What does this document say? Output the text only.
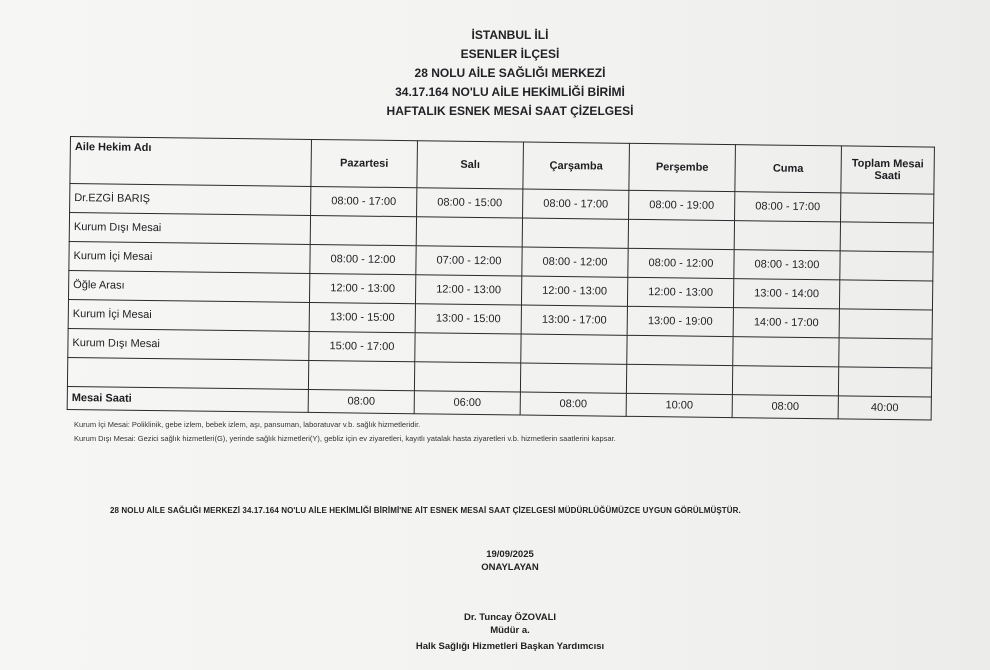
İSTANBUL İLİ
ESENLER İLÇESİ
28 NOLU AİLE SAĞLIĞI MERKEZİ
34.17.164 NO'LU AİLE HEKİMLİĞİ BİRİMİ
HAFTALIK ESNEK MESAİ SAAT ÇİZELGESİ
Aile Hekim Adı	Pazartesi	Salı	Çarşamba	Perşembe	Cuma	Toplam Mesai Saati
Dr.EZGİ BARIŞ	08:00 - 17:00	08:00 - 15:00	08:00 - 17:00	08:00 - 19:00	08:00 - 17:00	
Kurum Dışı Mesai						
Kurum İçi Mesai	08:00 - 12:00	07:00 - 12:00	08:00 - 12:00	08:00 - 12:00	08:00 - 13:00	
Öğle Arası	12:00 - 13:00	12:00 - 13:00	12:00 - 13:00	12:00 - 13:00	13:00 - 14:00	
Kurum İçi Mesai	13:00 - 15:00	13:00 - 15:00	13:00 - 17:00	13:00 - 19:00	14:00 - 17:00	
Kurum Dışı Mesai	15:00 - 17:00					

Mesai Saati	08:00	06:00	08:00	10:00	08:00	40:00
Kurum İçi Mesai: Poliklinik, gebe izlem, bebek izlem, aşı, pansuman, laboratuvar v.b. sağlık hizmetleridir.
Kurum Dışı Mesai: Gezici sağlık hizmetleri(G), yerinde sağlık hizmetleri(Y), gebliz için ev ziyaretleri, kayıtlı yatalak hasta ziyaretleri v.b. hizmetlerin saatlerini kapsar.
28 NOLU AİLE SAĞLIĞI MERKEZİ 34.17.164 NO'LU AİLE HEKİMLİĞİ BİRİMİ'NE AİT ESNEK MESAİ SAAT ÇİZELGESİ MÜDÜRLÜĞÜMÜZCE UYGUN GÖRÜLMÜŞTÜR.
19/09/2025
ONAYLAYAN
Dr. Tuncay ÖZOVALI
Müdür a.
Halk Sağlığı Hizmetleri Başkan Yardımcısı
